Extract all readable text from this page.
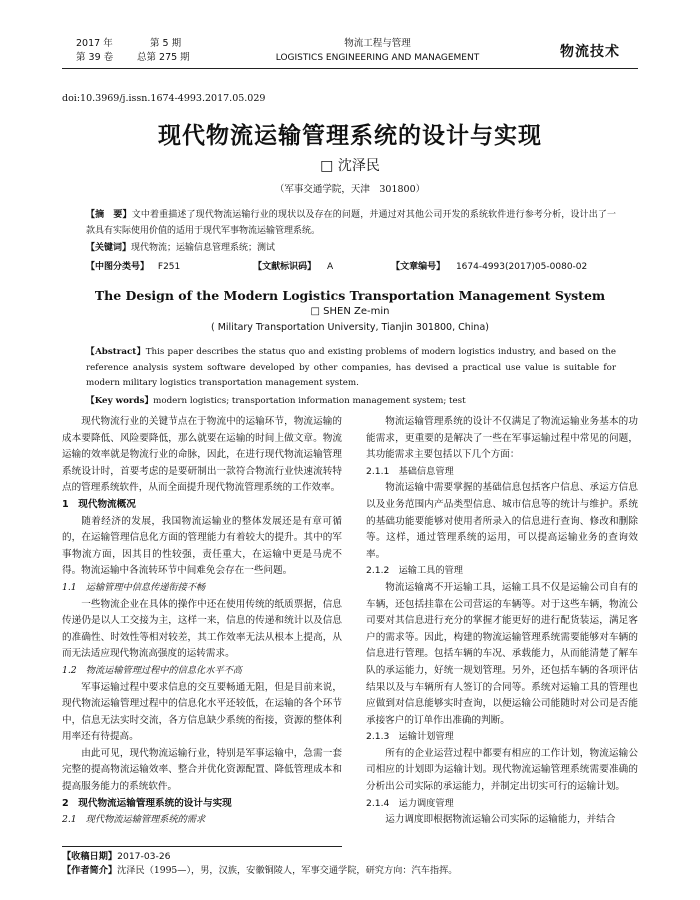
2017 年	第 5 期
第 39 卷	总第 275 期
物流工程与管理
LOGISTICS ENGINEERING AND MANAGEMENT	物流技术
doi:10.3969/j.issn.1674-4993.2017.05.029
现代物流运输管理系统的设计与实现
□ 沈泽民
（军事交通学院，天津　301800）

【摘　要】文中着重描述了现代物流运输行业的现状以及存在的问题，并通过对其他公司开发的系统软件进行参考分析，设计出了一款具有实际使用价值的适用于现代军事物流运输管理系统。

【关键词】现代物流；运输信息管理系统；测试

【中图分类号】 F251	【文献标识码】 A	【文章编号】 1674-4993(2017)05-0080-02
The Design of the Modern Logistics Transportation Management System
□ SHEN Ze-min
( Military Transportation University, Tianjin 301800, China)

【Abstract】This paper describes the status quo and existing problems of modern logistics industry, and based on the reference analysis system software developed by other companies, has devised a practical use value is suitable for modern military logistics transportation management system.

【Key words】modern logistics; transportation information management system; test

现代物流行业的关键节点在于物流中的运输环节，物流运输的成本要降低、风险要降低，那么就要在运输的时间上做文章。物流运输的效率就是物流行业的命脉，因此，在进行现代物流运输管理系统设计时，首要考虑的是要研制出一款符合物流行业快速流转特点的管理系统软件，从而全面提升现代物流管理系统的工作效率。

1　现代物流概况

随着经济的发展，我国物流运输业的整体发展还是有章可循的，在运输管理信息化方面的管理能力有着较大的提升。其中的军事物流方面，因其目的性较强，责任重大，在运输中更是马虎不得。物流运输中各流转环节中间难免会存在一些问题。

1.1　运输管理中信息传递衔接不畅

一些物流企业在具体的操作中还在使用传统的纸质票据，信息传递仍是以人工交接为主，这样一来，信息的传递和统计以及信息的准确性、时效性等相对较差，其工作效率无法从根本上提高，从而无法适应现代物流高强度的运转需求。

1.2　物流运输管理过程中的信息化水平不高

军事运输过程中要求信息的交互要畅通无阻，但是目前来说，现代物流运输管理过程中的信息化水平还较低，在运输的各个环节中，信息无法实时交流，各方信息缺少系统的衔接，资源的整体利用率还有待提高。

由此可见，现代物流运输行业，特别是军事运输中，急需一套完整的提高物流运输效率、整合并优化资源配置、降低管理成本和提高服务能力的系统软件。

2　现代物流运输管理系统的设计与实现

2.1　现代物流运输管理系统的需求

物流运输管理系统的设计不仅满足了物流运输业务基本的功能需求，更重要的是解决了一些在军事运输过程中常见的问题，其功能需求主要包括以下几个方面：

2.1.1　基础信息管理

物流运输中需要掌握的基础信息包括客户信息、承运方信息以及业务范围内产品类型信息、城市信息等的统计与维护。系统的基础功能要能够对使用者所录入的信息进行查询、修改和删除等。这样，通过管理系统的运用，可以提高运输业务的查询效率。

2.1.2　运输工具的管理

物流运输离不开运输工具，运输工具不仅是运输公司自有的车辆，还包括挂靠在公司营运的车辆等。对于这些车辆，物流公司要对其信息进行充分的掌握才能更好的进行配货装运，满足客户的需求等。因此，构建的物流运输管理系统需要能够对车辆的信息进行管理。包括车辆的车况、承载能力，从而能清楚了解车队的承运能力，好统一规划管理。另外，还包括车辆的各项评估结果以及与车辆所有人签订的合同等。系统对运输工具的管理也应做到对信息能够实时查询，以便运输公司能随时对公司是否能承接客户的订单作出准确的判断。

2.1.3　运输计划管理

所有的企业运营过程中都要有相应的工作计划，物流运输公司相应的计划即为运输计划。现代物流运输管理系统需要准确的分析出公司实际的承运能力，并制定出切实可行的运输计划。

2.1.4　运力调度管理

运力调度即根据物流运输公司实际的运输能力，并结合

【收稿日期】2017-03-26
【作者简介】沈泽民（1995—），男，汉族，安徽铜陵人，军事交通学院，研究方向：汽车指挥。
